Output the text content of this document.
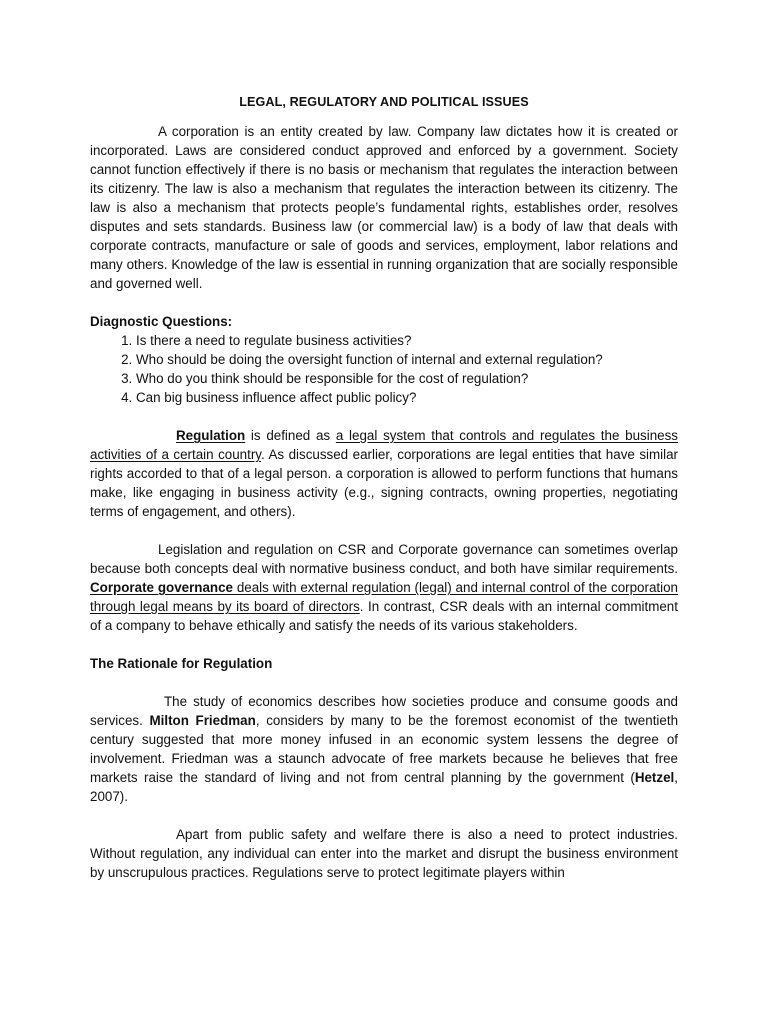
LEGAL, REGULATORY AND POLITICAL ISSUES

A corporation is an entity created by law. Company law dictates how it is created or incorporated. Laws are considered conduct approved and enforced by a government. Society cannot function effectively if there is no basis or mechanism that regulates the interaction between its citizenry. The law is also a mechanism that regulates the interaction between its citizenry. The law is also a mechanism that protects people’s fundamental rights, establishes order, resolves disputes and sets standards. Business law (or commercial law) is a body of law that deals with corporate contracts, manufacture or sale of goods and services, employment, labor relations and many others. Knowledge of the law is essential in running organization that are socially responsible and governed well.

Diagnostic Questions:
1. Is there a need to regulate business activities?
2. Who should be doing the oversight function of internal and external regulation?
3. Who do you think should be responsible for the cost of regulation?
4. Can big business influence affect public policy?

Regulation is defined as a legal system that controls and regulates the business activities of a certain country. As discussed earlier, corporations are legal entities that have similar rights accorded to that of a legal person. a corporation is allowed to perform functions that humans make, like engaging in business activity (e.g., signing contracts, owning properties, negotiating terms of engagement, and others).

Legislation and regulation on CSR and Corporate governance can sometimes overlap because both concepts deal with normative business conduct, and both have similar requirements. Corporate governance deals with external regulation (legal) and internal control of the corporation through legal means by its board of directors. In contrast, CSR deals with an internal commitment of a company to behave ethically and satisfy the needs of its various stakeholders.

The Rationale for Regulation

The study of economics describes how societies produce and consume goods and services. Milton Friedman, considers by many to be the foremost economist of the twentieth century suggested that more money infused in an economic system lessens the degree of involvement. Friedman was a staunch advocate of free markets because he believes that free markets raise the standard of living and not from central planning by the government (Hetzel, 2007).

Apart from public safety and welfare there is also a need to protect industries. Without regulation, any individual can enter into the market and disrupt the business environment by unscrupulous practices. Regulations serve to protect legitimate players within
